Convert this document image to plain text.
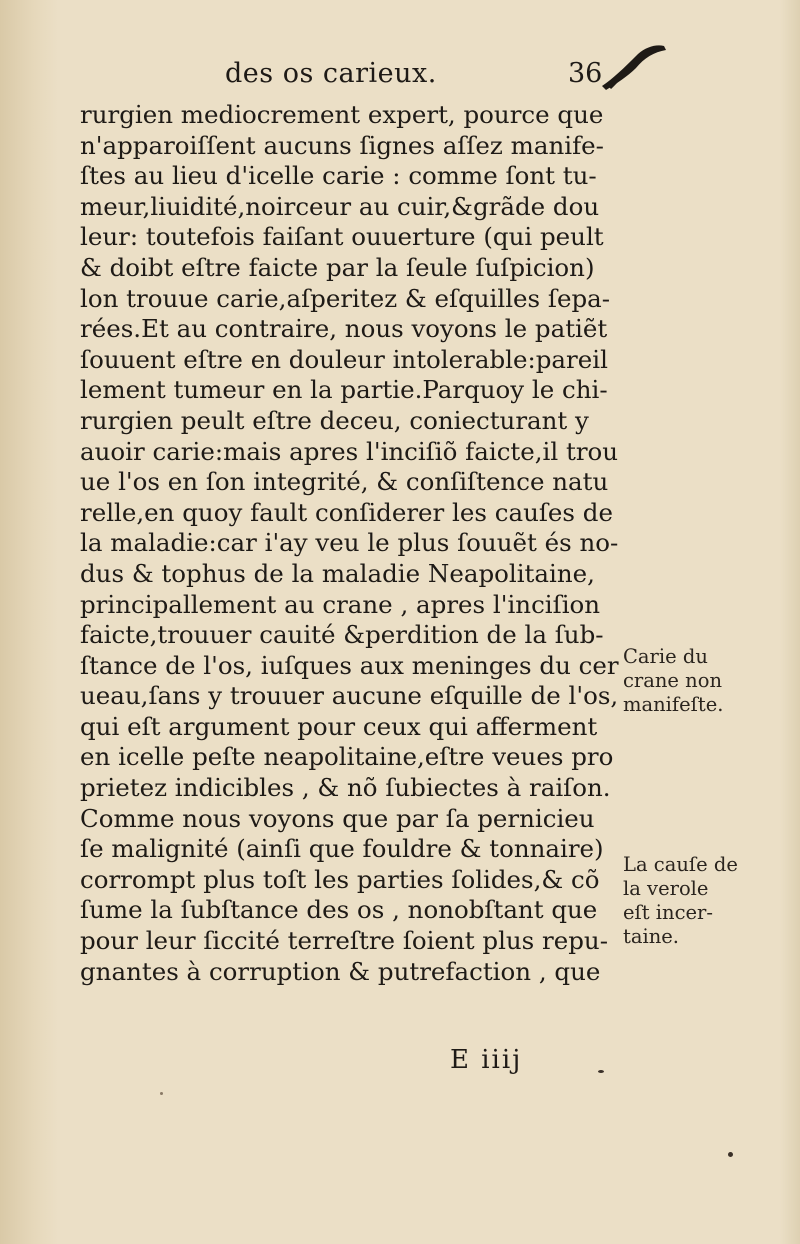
des os carieux.	36
rurgien mediocrement expert, pource que
n'apparoiſſent aucuns ſignes aſſez manife-
ſtes au lieu d'icelle carie : comme ſont tu-
meur,liuidité,noirceur au cuir,&grãde dou
leur: toutefois faiſant ouuerture (qui peult
& doibt eſtre faicte par la ſeule ſuſpicion)
lon trouue carie,aſperitez & eſquilles ſepa-
rées.Et au contraire, nous voyons le patiẽt
ſouuent eſtre en douleur intolerable:pareil
lement tumeur en la partie.Parquoy le chi-
rurgien peult eſtre deceu, coniecturant y
auoir carie:mais apres l'inciſiõ faicte,il trou
ue l'os en ſon integrité, & conſiſtence natu
relle,en quoy fault conſiderer les cauſes de
la maladie:car i'ay veu le plus ſouuẽt és no-
dus & tophus de la maladie Neapolitaine,
principallement au crane , apres l'inciſion
faicte,trouuer cauité &perdition de la ſub-
ſtance de l'os, iuſques aux meninges du cer
ueau,ſans y trouuer aucune eſquille de l'os,
qui eſt argument pour ceux qui afferment
en icelle peſte neapolitaine,eſtre veues pro
prietez indicibles , & nõ ſubiectes à raiſon.
Comme nous voyons que par ſa pernicieu
ſe malignité (ainſi que fouldre & tonnaire)
corrompt plus toſt les parties ſolides,& cõ
ſume la ſubſtance des os , nonobſtant que
pour leur ſiccité terreſtre ſoient plus repu-
gnantes à corruption & putrefaction , que
Carie du
crane non
manifeſte.
La cauſe de
la verole
eſt incer-
taine.
E iiij
